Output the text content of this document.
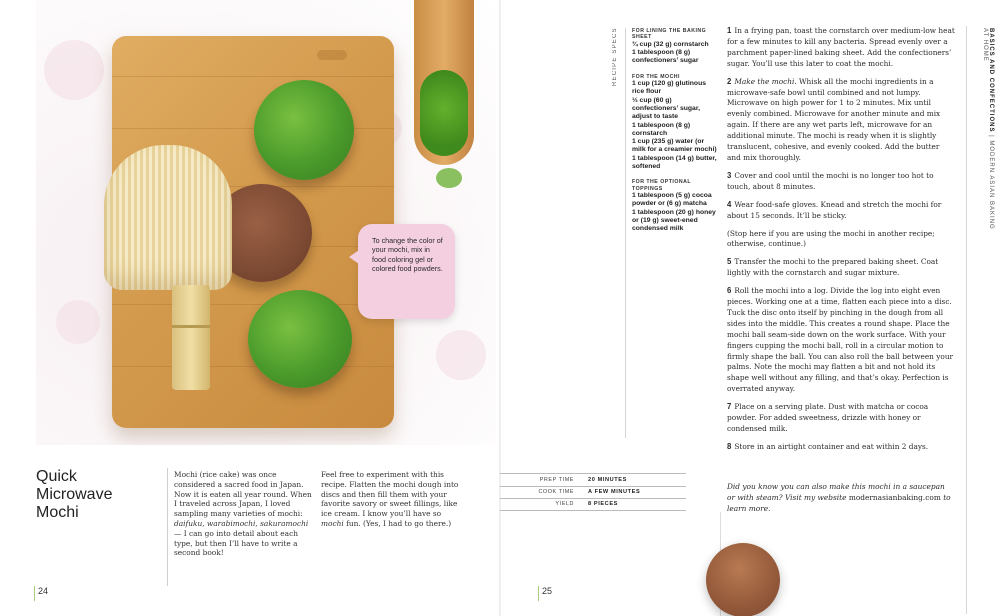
To change the color of your mochi, mix in food coloring gel or colored food powders.
Quick Microwave Mochi
Mochi (rice cake) was once considered a sacred food in Japan. Now it is eaten all year round. When I traveled across Japan, I loved sampling many varieties of mochi: daifuku, warabimochi, sakuramochi— I can go into detail about each type, but then I’ll have to write a second book!
Feel free to experiment with this recipe. Flatten the mochi dough into discs and then fill them with your favorite savory or sweet fillings, like ice cream. I know you’ll have so mochi fun. (Yes, I had to go there.)
24	25
PREP TIME	20 MINUTES
COOK TIME	A FEW MINUTES
YIELD	8 PIECES
RECIPE SPECS	FOR LINING THE BAKING SHEET
¾ cup (32 g) cornstarch
1 tablespoon (8 g) confectioners’ sugar
FOR THE MOCHI
1 cup (120 g) glutinous rice flour
⅓ cup (60 g) confectioners’ sugar, adjust to taste
1 tablespoon (8 g) cornstarch
1 cup (235 g) water (or milk for a creamier mochi)
1 tablespoon (14 g) butter, softened
FOR THE OPTIONAL TOPPINGS
1 tablespoon (5 g) cocoa powder or (6 g) matcha
1 tablespoon (20 g) honey or (19 g) sweet-ened condensed milk
1 In a frying pan, toast the cornstarch over medium-low heat for a few minutes to kill any bacteria. Spread evenly over a parchment paper-lined baking sheet. Add the confectioners’ sugar. You’ll use this later to coat the mochi.
2 Make the mochi. Whisk all the mochi ingredients in a microwave-safe bowl until combined and not lumpy. Microwave on high power for 1 to 2 minutes. Mix until evenly combined. Microwave for another minute and mix again. If there are any wet parts left, microwave for an additional minute. The mochi is ready when it is slightly translucent, cohesive, and evenly cooked. Add the butter and mix thoroughly.
3 Cover and cool until the mochi is no longer too hot to touch, about 8 minutes.
4 Wear food-safe gloves. Knead and stretch the mochi for about 15 seconds. It’ll be sticky.
(Stop here if you are using the mochi in another recipe; otherwise, continue.)
5 Transfer the mochi to the prepared baking sheet. Coat lightly with the cornstarch and sugar mixture.
6 Roll the mochi into a log. Divide the log into eight even pieces. Working one at a time, flatten each piece into a disc. Tuck the disc onto itself by pinching in the dough from all sides into the middle. This creates a round shape. Place the mochi ball seam-side down on the work surface. With your fingers cupping the mochi ball, roll in a circular motion to firmly shape the ball. You can also roll the ball between your palms. Note the mochi may flatten a bit and not hold its shape well without any filling, and that’s okay. Perfection is overrated anyway.
7 Place on a serving plate. Dust with matcha or cocoa powder. For added sweetness, drizzle with honey or condensed milk.
8 Store in an airtight container and eat within 2 days.
Did you know you can also make this mochi in a saucepan or with steam? Visit my website modernasianbaking.com to learn more.
BASICS AND CONFECTIONS | MODERN ASIAN BAKING AT HOME
